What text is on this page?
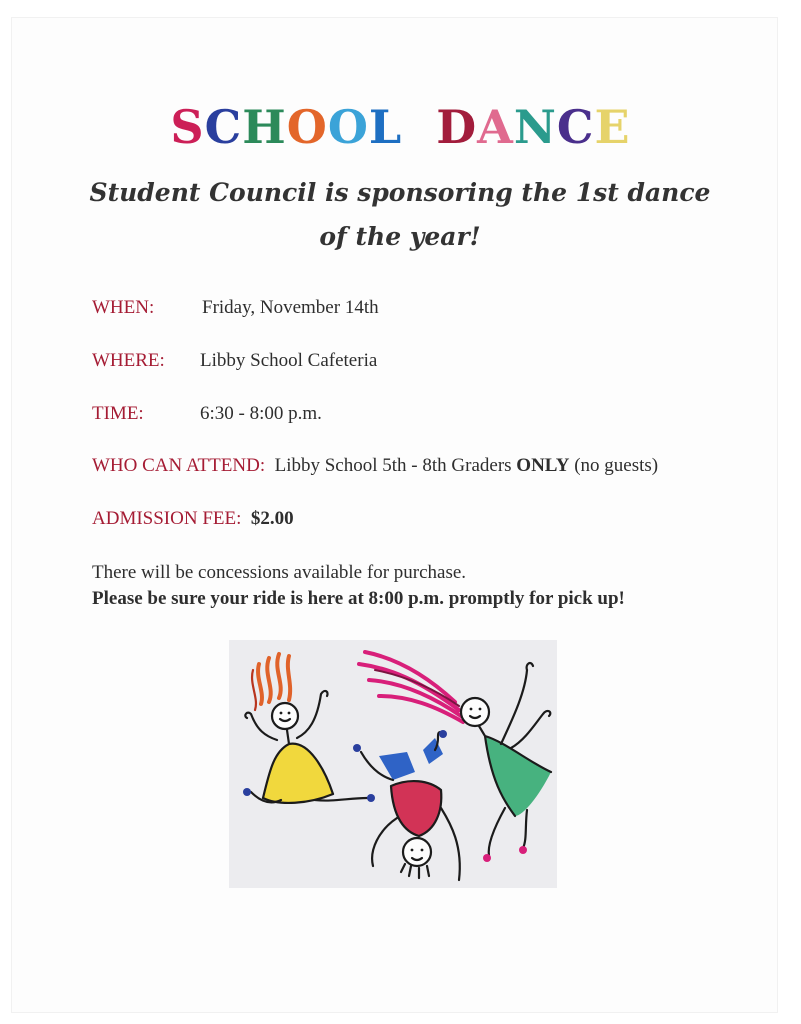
SCHOOL DANCE
Student Council is sponsoring the 1st dance
of the year!
WHEN:	Friday, November 14th
WHERE: Libby School Cafeteria
TIME:	6:30 - 8:00 p.m.
WHO CAN ATTEND: Libby School 5th - 8th Graders ONLY (no guests)
ADMISSION FEE: $2.00
There will be concessions available for purchase.
Please be sure your ride is here at 8:00 p.m. promptly for pick up!
